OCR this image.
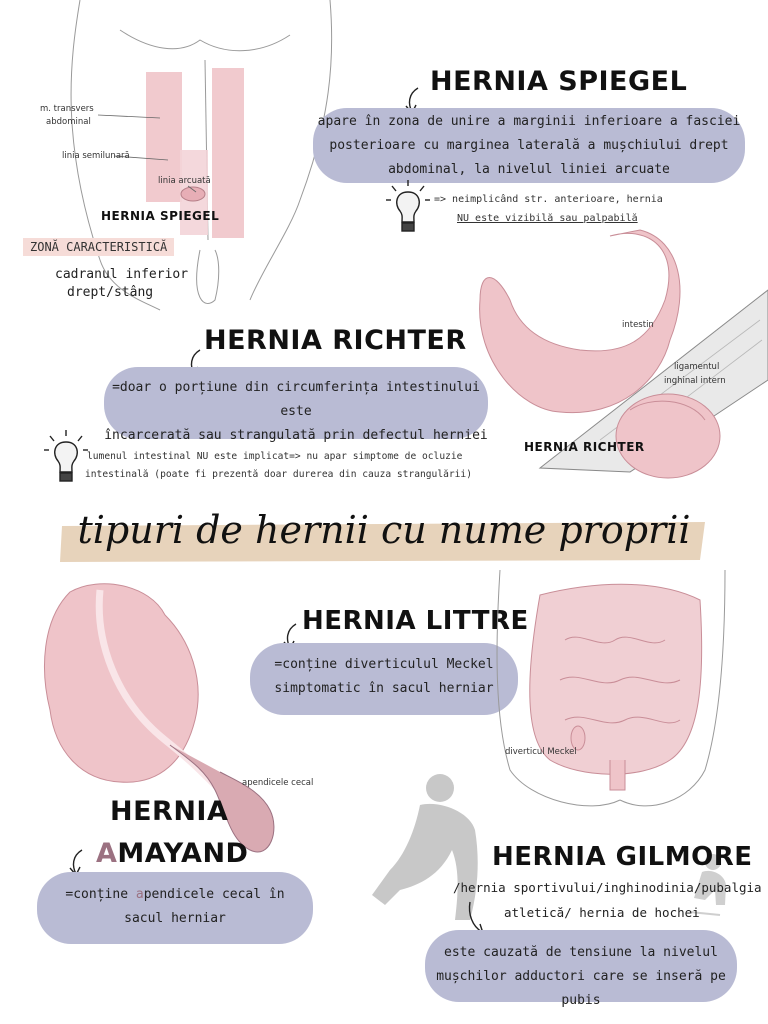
m. transvers
abdominal
linia semilunară
linia arcuată
HERNIA SPIEGEL
ZONĂ CARACTERISTICĂ
cadranul inferior
drept/stâng
HERNIA SPIEGEL
apare în zona de unire a marginii inferioare a fasciei
posterioare cu marginea laterală a mușchiului drept
abdominal, la nivelul liniei arcuate
=> neimplicând str. anterioare, hernia
NU este vizibilă sau palpabilă
intestin
ligamentul
inghinal intern
HERNIA RICHTER
HERNIA RICHTER
=doar o porțiune din circumferința intestinului este
încarcerată sau strangulată prin defectul herniei
lumenul intestinal NU este implicat=> nu apar simptome de ocluzie
intestinală (poate fi prezentă doar durerea din cauza strangulării)
tipuri de hernii cu nume proprii
apendicele cecal
HERNIA LITTRE
=conține diverticulul Meckel
simptomatic în sacul herniar
diverticul Meckel
HERNIA
AMAYAND
=conține apendicele cecal în
sacul herniar
HERNIA GILMORE
/hernia sportivului/inghinodinia/pubalgia
atletică/ hernia de hochei
este cauzată de tensiune la nivelul
mușchilor adductori care se inseră pe pubis
